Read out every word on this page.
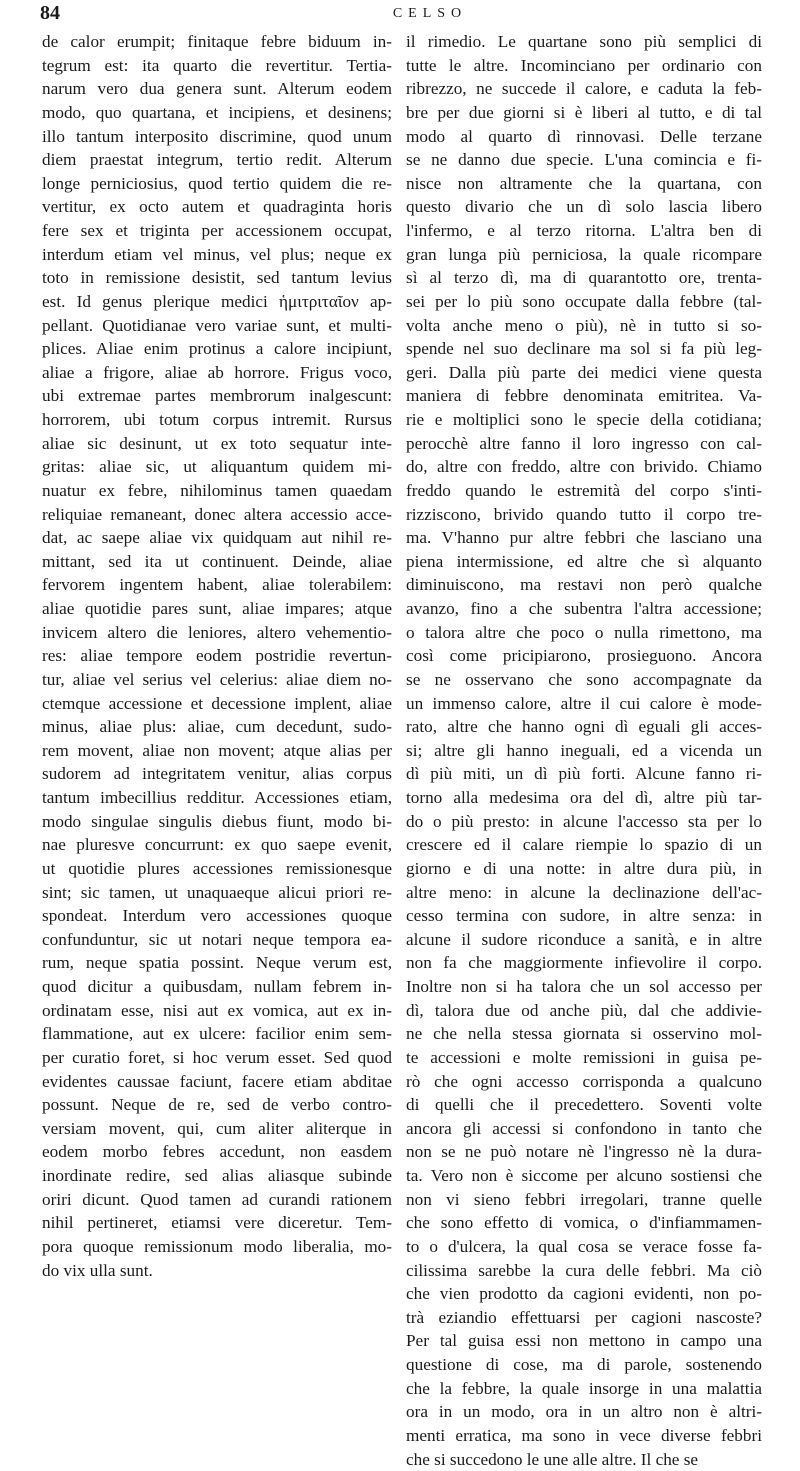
84	CELSO
de calor erumpit; finitaque febre biduum in-
tegrum est: ita quarto die revertitur. Tertia-
narum vero dua genera sunt. Alterum eodem
modo, quo quartana, et incipiens, et desinens;
illo tantum interposito discrimine, quod unum
diem praestat integrum, tertio redit. Alterum
longe perniciosius, quod tertio quidem die re-
vertitur, ex octo autem et quadraginta horis
fere sex et triginta per accessionem occupat,
interdum etiam vel minus, vel plus; neque ex
toto in remissione desistit, sed tantum levius
est. Id genus plerique medici ἡμιτριταῖον ap-
pellant. Quotidianae vero variae sunt, et multi-
plices. Aliae enim protinus a calore incipiunt,
aliae a frigore, aliae ab horrore. Frigus voco,
ubi extremae partes membrorum inalgescunt:
horrorem, ubi totum corpus intremit. Rursus
aliae sic desinunt, ut ex toto sequatur inte-
gritas: aliae sic, ut aliquantum quidem mi-
nuatur ex febre, nihilominus tamen quaedam
reliquiae remaneant, donec altera accessio acce-
dat, ac saepe aliae vix quidquam aut nihil re-
mittant, sed ita ut continuent. Deinde, aliae
fervorem ingentem habent, aliae tolerabilem:
aliae quotidie pares sunt, aliae impares; atque
invicem altero die leniores, altero vehementio-
res: aliae tempore eodem postridie revertun-
tur, aliae vel serius vel celerius: aliae diem no-
ctemque accessione et decessione implent, aliae
minus, aliae plus: aliae, cum decedunt, sudo-
rem movent, aliae non movent; atque alias per
sudorem ad integritatem venitur, alias corpus
tantum imbecillius redditur. Accessiones etiam,
modo singulae singulis diebus fiunt, modo bi-
nae pluresve concurrunt: ex quo saepe evenit,
ut quotidie plures accessiones remissionesque
sint; sic tamen, ut unaquaeque alicui priori re-
spondeat. Interdum vero accessiones quoque
confunduntur, sic ut notari neque tempora ea-
rum, neque spatia possint. Neque verum est,
quod dicitur a quibusdam, nullam febrem in-
ordinatam esse, nisi aut ex vomica, aut ex in-
flammatione, aut ex ulcere: facilior enim sem-
per curatio foret, si hoc verum esset. Sed quod
evidentes caussae faciunt, facere etiam abditae
possunt. Neque de re, sed de verbo contro-
versiam movent, qui, cum aliter aliterque in
eodem morbo febres accedunt, non easdem
inordinate redire, sed alias aliasque subinde
oriri dicunt. Quod tamen ad curandi rationem
nihil pertineret, etiamsi vere diceretur. Tem-
pora quoque remissionum modo liberalia, mo-
do vix ulla sunt.
il rimedio. Le quartane sono più semplici di
tutte le altre. Incominciano per ordinario con
ribrezzo, ne succede il calore, e caduta la feb-
bre per due giorni si è liberi al tutto, e di tal
modo al quarto dì rinnovasi. Delle terzane
se ne danno due specie. L'una comincia e fi-
nisce non altramente che la quartana, con
questo divario che un dì solo lascia libero
l'infermo, e al terzo ritorna. L'altra ben di
gran lunga più perniciosa, la quale ricompare
sì al terzo dì, ma di quarantotto ore, trenta-
sei per lo più sono occupate dalla febbre (tal-
volta anche meno o più), nè in tutto si so-
spende nel suo declinare ma sol si fa più leg-
geri. Dalla più parte dei medici viene questa
maniera di febbre denominata emitritea. Va-
rie e moltiplici sono le specie della cotidiana;
perocchè altre fanno il loro ingresso con cal-
do, altre con freddo, altre con brivido. Chiamo
freddo quando le estremità del corpo s'inti-
rizziscono, brivido quando tutto il corpo tre-
ma. V'hanno pur altre febbri che lasciano una
piena intermissione, ed altre che sì alquanto
diminuiscono, ma restavi non però qualche
avanzo, fino a che subentra l'altra accessione;
o talora altre che poco o nulla rimettono, ma
così come pricipiarono, prosieguono. Ancora
se ne osservano che sono accompagnate da
un immenso calore, altre il cui calore è mode-
rato, altre che hanno ogni dì eguali gli acces-
si; altre gli hanno ineguali, ed a vicenda un
dì più miti, un dì più forti. Alcune fanno ri-
torno alla medesima ora del dì, altre più tar-
do o più presto: in alcune l'accesso sta per lo
crescere ed il calare riempie lo spazio di un
giorno e di una notte: in altre dura più, in
altre meno: in alcune la declinazione dell'ac-
cesso termina con sudore, in altre senza: in
alcune il sudore riconduce a sanità, e in altre
non fa che maggiormente infievolire il corpo.
Inoltre non si ha talora che un sol accesso per
dì, talora due od anche più, dal che addivie-
ne che nella stessa giornata si osservino mol-
te accessioni e molte remissioni in guisa pe-
rò che ogni accesso corrisponda a qualcuno
di quelli che il precedettero. Soventi volte
ancora gli accessi si confondono in tanto che
non se ne può notare nè l'ingresso nè la dura-
ta. Vero non è siccome per alcuno sostiensi che
non vi sieno febbri irregolari, tranne quelle
che sono effetto di vomica, o d'infiammamen-
to o d'ulcera, la qual cosa se verace fosse fa-
cilissima sarebbe la cura delle febbri. Ma ciò
che vien prodotto da cagioni evidenti, non po-
trà eziandio effettuarsi per cagioni nascoste?
Per tal guisa essi non mettono in campo una
questione di cose, ma di parole, sostenendo
che la febbre, la quale insorge in una malattia
ora in un modo, ora in un altro non è altri-
menti erratica, ma sono in vece diverse febbri
che si succedono le une alle altre. Il che se
